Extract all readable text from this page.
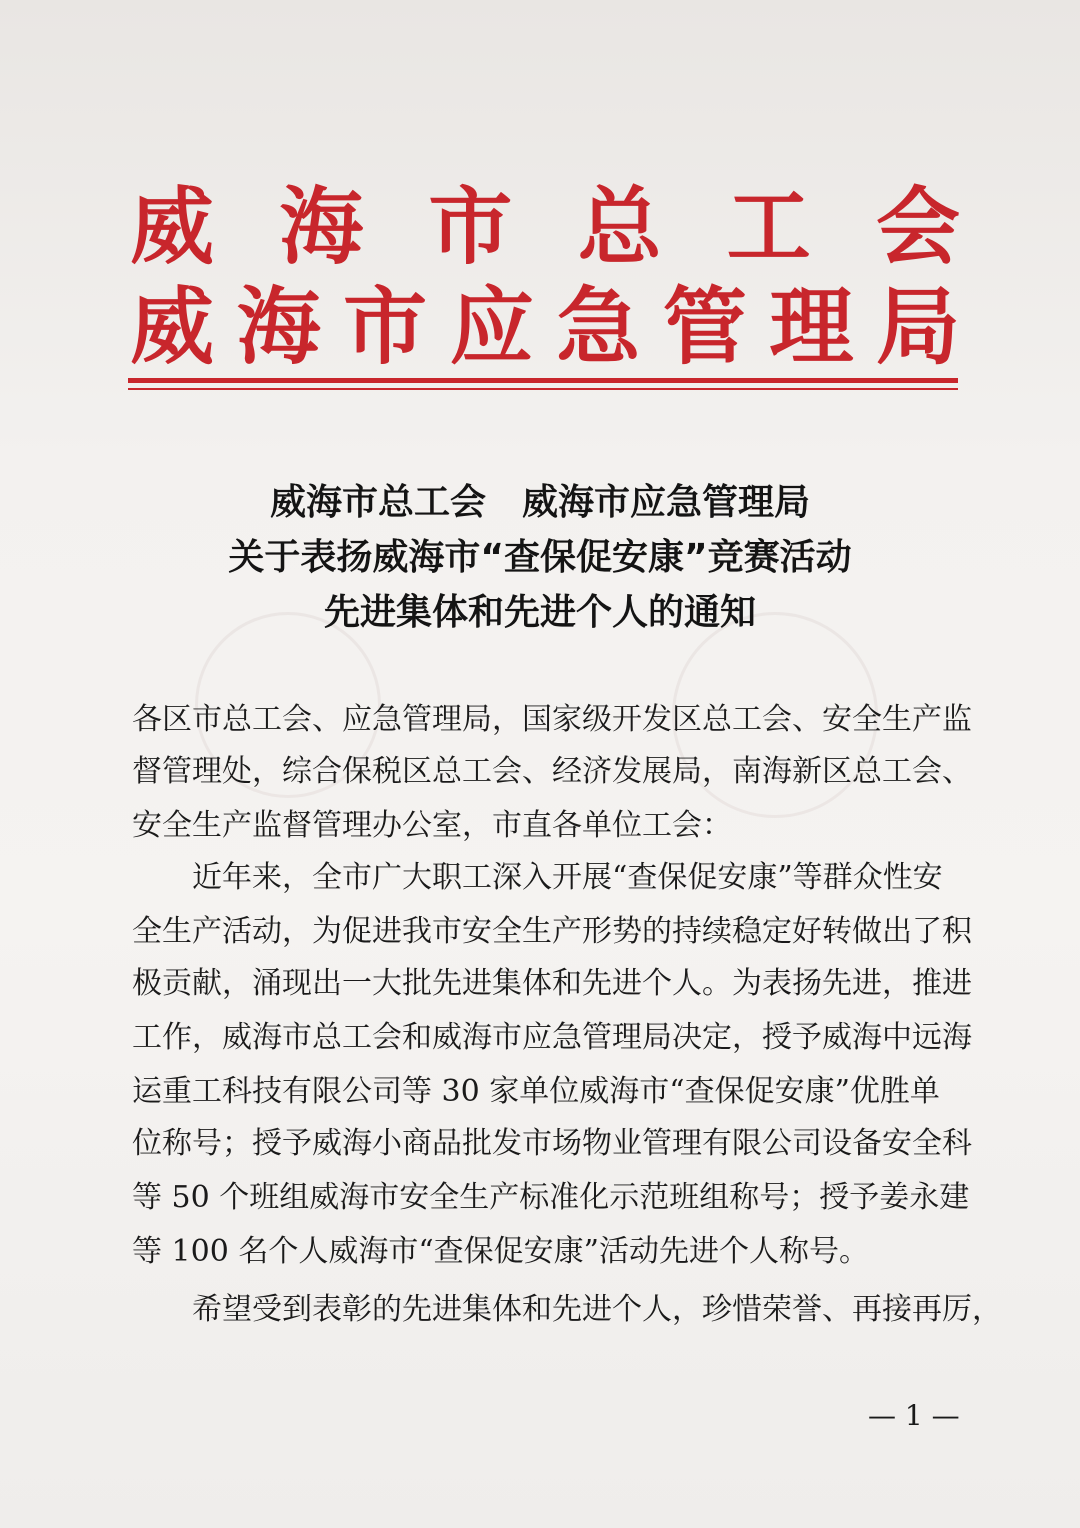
威 海 市 总 工 会
威 海 市 应 急 管 理 局
威海市总工会　威海市应急管理局
关于表扬威海市“查保促安康”竞赛活动
先进集体和先进个人的通知
各区市总工会、应急管理局，国家级开发区总工会、安全生产监
督管理处，综合保税区总工会、经济发展局，南海新区总工会、
安全生产监督管理办公室，市直各单位工会：
近年来，全市广大职工深入开展“查保促安康”等群众性安
全生产活动，为促进我市安全生产形势的持续稳定好转做出了积
极贡献，涌现出一大批先进集体和先进个人。为表扬先进，推进
工作，威海市总工会和威海市应急管理局决定，授予威海中远海
运重工科技有限公司等 30 家单位威海市“查保促安康”优胜单
位称号；授予威海小商品批发市场物业管理有限公司设备安全科
等 50 个班组威海市安全生产标准化示范班组称号；授予姜永建
等 100 名个人威海市“查保促安康”活动先进个人称号。
希望受到表彰的先进集体和先进个人，珍惜荣誉、再接再厉，
— 1 —
